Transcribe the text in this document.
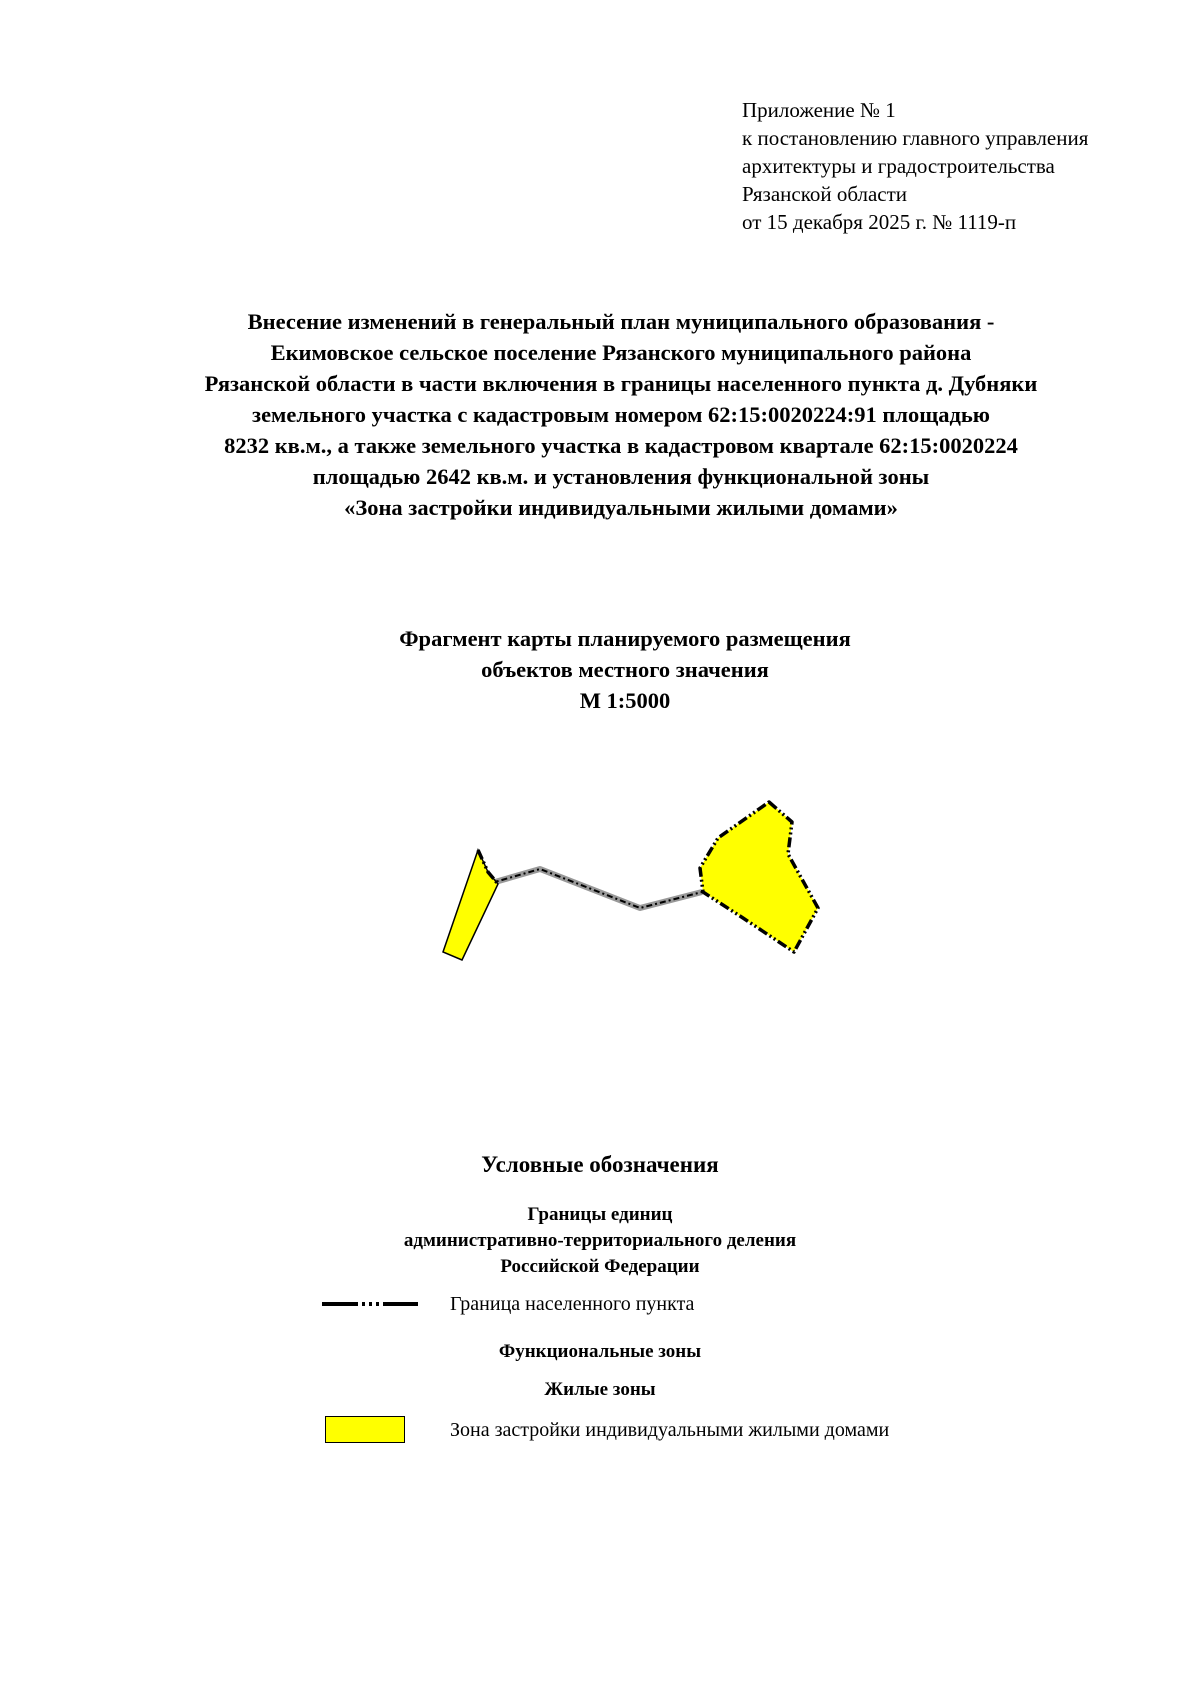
Приложение № 1
к постановлению главного управления
архитектуры и градостроительства
Рязанской области
от 15 декабря 2025 г. № 1119-п
Внесение изменений в генеральный план муниципального образования -
Екимовское сельское поселение Рязанского муниципального района
Рязанской области в части включения в границы населенного пункта д. Дубняки
земельного участка с кадастровым номером 62:15:0020224:91 площадью
8232 кв.м., а также земельного участка в кадастровом квартале 62:15:0020224
площадью 2642 кв.м. и установления функциональной зоны
«Зона застройки индивидуальными жилыми домами»
Фрагмент карты планируемого размещения
объектов местного значения
М 1:5000
Условные обозначения
Границы единиц
административно-территориального деления
Российской Федерации
Граница населенного пункта
Функциональные зоны
Жилые зоны
Зона застройки индивидуальными жилыми домами
